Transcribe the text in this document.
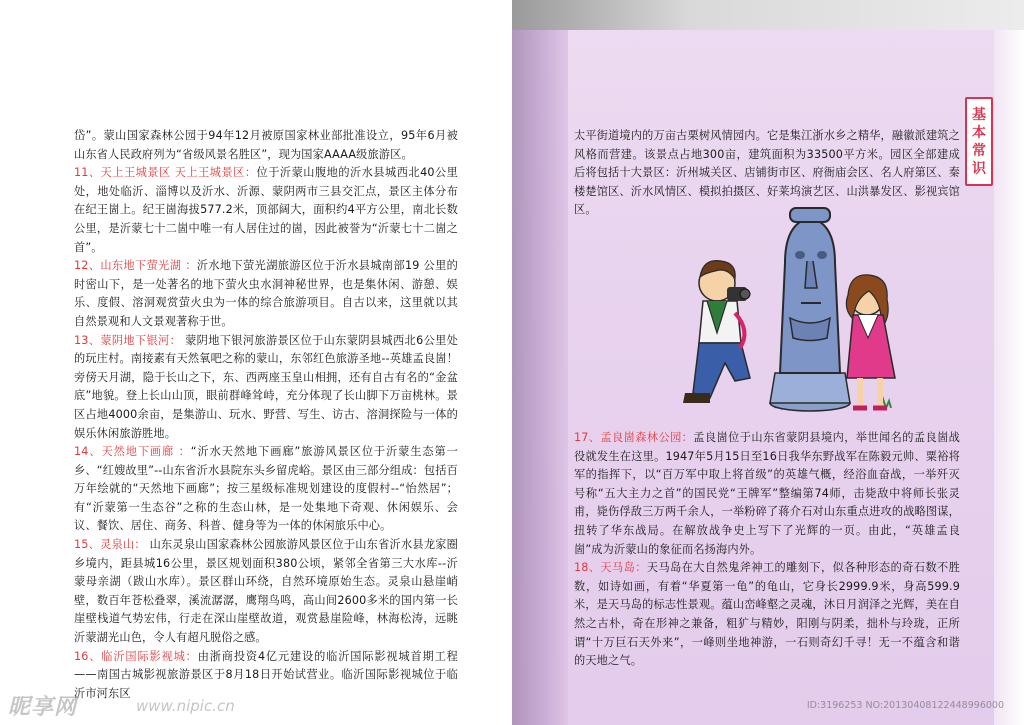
岱”。蒙山国家森林公园于94年12月被原国家林业部批准设立，95年6月被山东省人民政府列为“省级风景名胜区”，现为国家AAAA级旅游区。

11、天上王城景区 天上王城景区：位于沂蒙山腹地的沂水县城西北40公里处，地处临沂、淄博以及沂水、沂源、蒙阴两市三县交汇点，景区主体分布在纪王崮上。纪王崮海拔577.2米，顶部阔大，面积约4平方公里，南北长数公里，是沂蒙七十二崮中唯一有人居住过的崮，因此被誉为“沂蒙七十二崮之首”。

12、山东地下萤光湖 ：沂水地下萤光湖旅游区位于沂水县城南部19 公里的时密山下，是一处著名的地下萤火虫水洞神秘世界，也是集休闲、游憩、娱乐、度假、溶洞观赏萤火虫为一体的综合旅游项目。自古以来，这里就以其自然景观和人文景观著称于世。

13、蒙阴地下银河： 蒙阴地下银河旅游景区位于山东蒙阴县城西北6公里处的玩庄村。南接素有天然氧吧之称的蒙山，东邻红色旅游圣地--英雄孟良崮！旁傍天月湖，隐于长山之下，东、西两座玉皇山相拥，还有自古有名的“金盆底”地貌。登上长山山顶，眼前群峰耸峙，充分体现了长山脚下万亩桃林。景区占地4000余亩，是集游山、玩水、野营、写生、访古、溶洞探险与一体的娱乐休闲旅游胜地。

14、天然地下画廊 ：“沂水天然地下画廊”旅游风景区位于沂蒙生态第一乡、“红嫂故里”--山东省沂水县院东头乡留虎峪。景区由三部分组成：包括百万年绘就的“天然地下画廊”；按三星级标准规划建设的度假村--“怡然居”；有“沂蒙第一生态谷”之称的生态山林，是一处集地下奇观、休闲娱乐、会议、餐饮、居住、商务、科普、健身等为一体的休闲旅乐中心。

15、灵泉山： 山东灵泉山国家森林公园旅游风景区位于山东省沂水县龙家圈乡境内，距县城16公里，景区规划面积380公顷，紧邻全省第三大水库--沂蒙母亲湖（跋山水库）。景区群山环绕，自然环境原始生态。灵泉山悬崖峭壁，数百年苍松叠翠，溪流潺潺，鹰翔鸟鸣，高山间2600多米的国内第一长崖壁栈道气势宏伟，行走在深山崖壁故道，观赏悬崖险峰，林海松涛，远眺沂蒙湖光山色，令人有超凡脱俗之感。

16、临沂国际影视城：由浙商投资4亿元建设的临沂国际影视城首期工程——南国古城影视旅游景区于8月18日开始试营业。临沂国际影视城位于临沂市河东区

太平街道境内的万亩古栗树风情园内。它是集江浙水乡之精华，融徽派建筑之风格而营建。该景点占地300亩，建筑面积为33500平方米。园区全部建成后将包括十大景区：沂州城关区、店铺街市区、府衙庙会区、名人府第区、秦楼楚馆区、沂水风情区、模拟拍摄区、好莱坞演艺区、山洪暴发区、影视宾馆区。

17、孟良崮森林公园：孟良崮位于山东省蒙阴县境内，举世闻名的孟良崮战役就发生在这里。1947年5月15日至16日我华东野战军在陈毅元帅、粟裕将军的指挥下，以“百万军中取上将首级”的英雄气概，经浴血奋战，一举歼灭号称“五大主力之首”的国民党“王牌军”整编第74师，击毙敌中将师长张灵甫，毙伤俘敌三万两千余人，一举粉碎了蒋介石对山东重点进攻的战略图谋，扭转了华东战局。在解放战争史上写下了光辉的一页。由此，“英雄孟良崮”成为沂蒙山的象征而名扬海内外。

18、天马岛：天马岛在大自然鬼斧神工的雕刻下，似各种形态的奇石数不胜数，如诗如画，有着“华夏第一龟”的龟山，它身长2999.9米，身高599.9米，是天马岛的标志性景观。蕴山峦峰壑之灵魂，沐日月润泽之光辉，美在自然之古朴，奇在形神之兼备，粗犷与精妙，阳刚与阴柔，拙朴与玲珑，正所谓“十万巨石天外来”，一峰则坐地神游，一石则奇幻千寻！无一不蕴含和谐的天地之气。

基
本
常
识
昵享网	www.nipic.cn	ID:3196253 NO:20130408122448996000
